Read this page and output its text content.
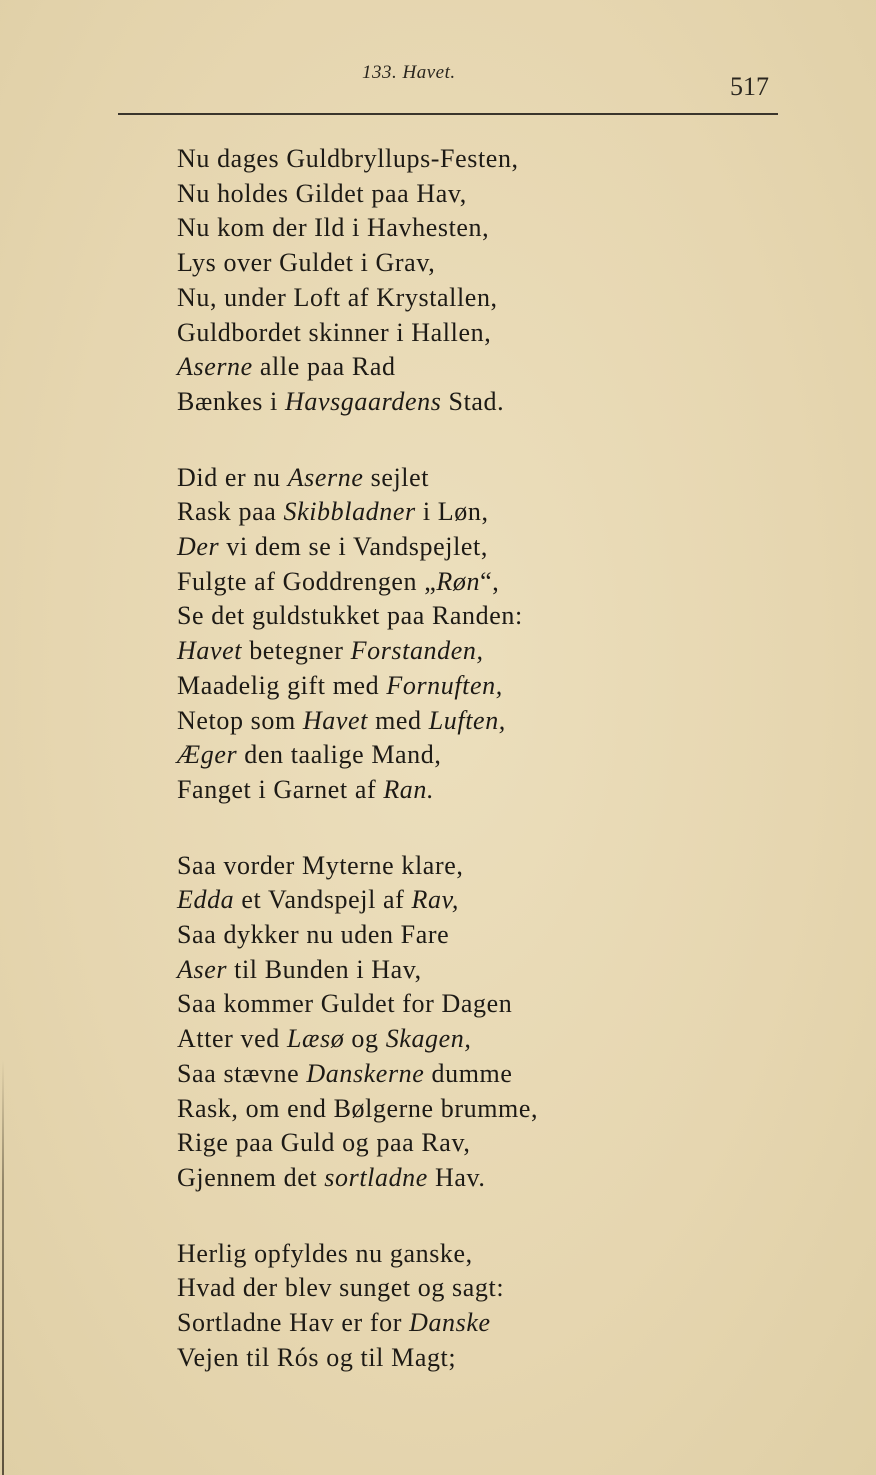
133. Havet.	517
Nu dages Guldbryllups-Festen,
Nu holdes Gildet paa Hav,
Nu kom der Ild i Havhesten,
Lys over Guldet i Grav,
Nu, under Loft af Krystallen,
Guldbordet skinner i Hallen,
Aserne alle paa Rad
Bænkes i Havsgaardens Stad.
Did er nu Aserne sejlet
Rask paa Skibbladner i Løn,
Der vi dem se i Vandspejlet,
Fulgte af Goddrengen „Røn“,
Se det guldstukket paa Randen:
Havet betegner Forstanden,
Maadelig gift med Fornuften,
Netop som Havet med Luften,
Æger den taalige Mand,
Fanget i Garnet af Ran.
Saa vorder Myterne klare,
Edda et Vandspejl af Rav,
Saa dykker nu uden Fare
Aser til Bunden i Hav,
Saa kommer Guldet for Dagen
Atter ved Læsø og Skagen,
Saa stævne Danskerne dumme
Rask, om end Bølgerne brumme,
Rige paa Guld og paa Rav,
Gjennem det sortladne Hav.
Herlig opfyldes nu ganske,
Hvad der blev sunget og sagt:
Sortladne Hav er for Danske
Vejen til Rós og til Magt;
